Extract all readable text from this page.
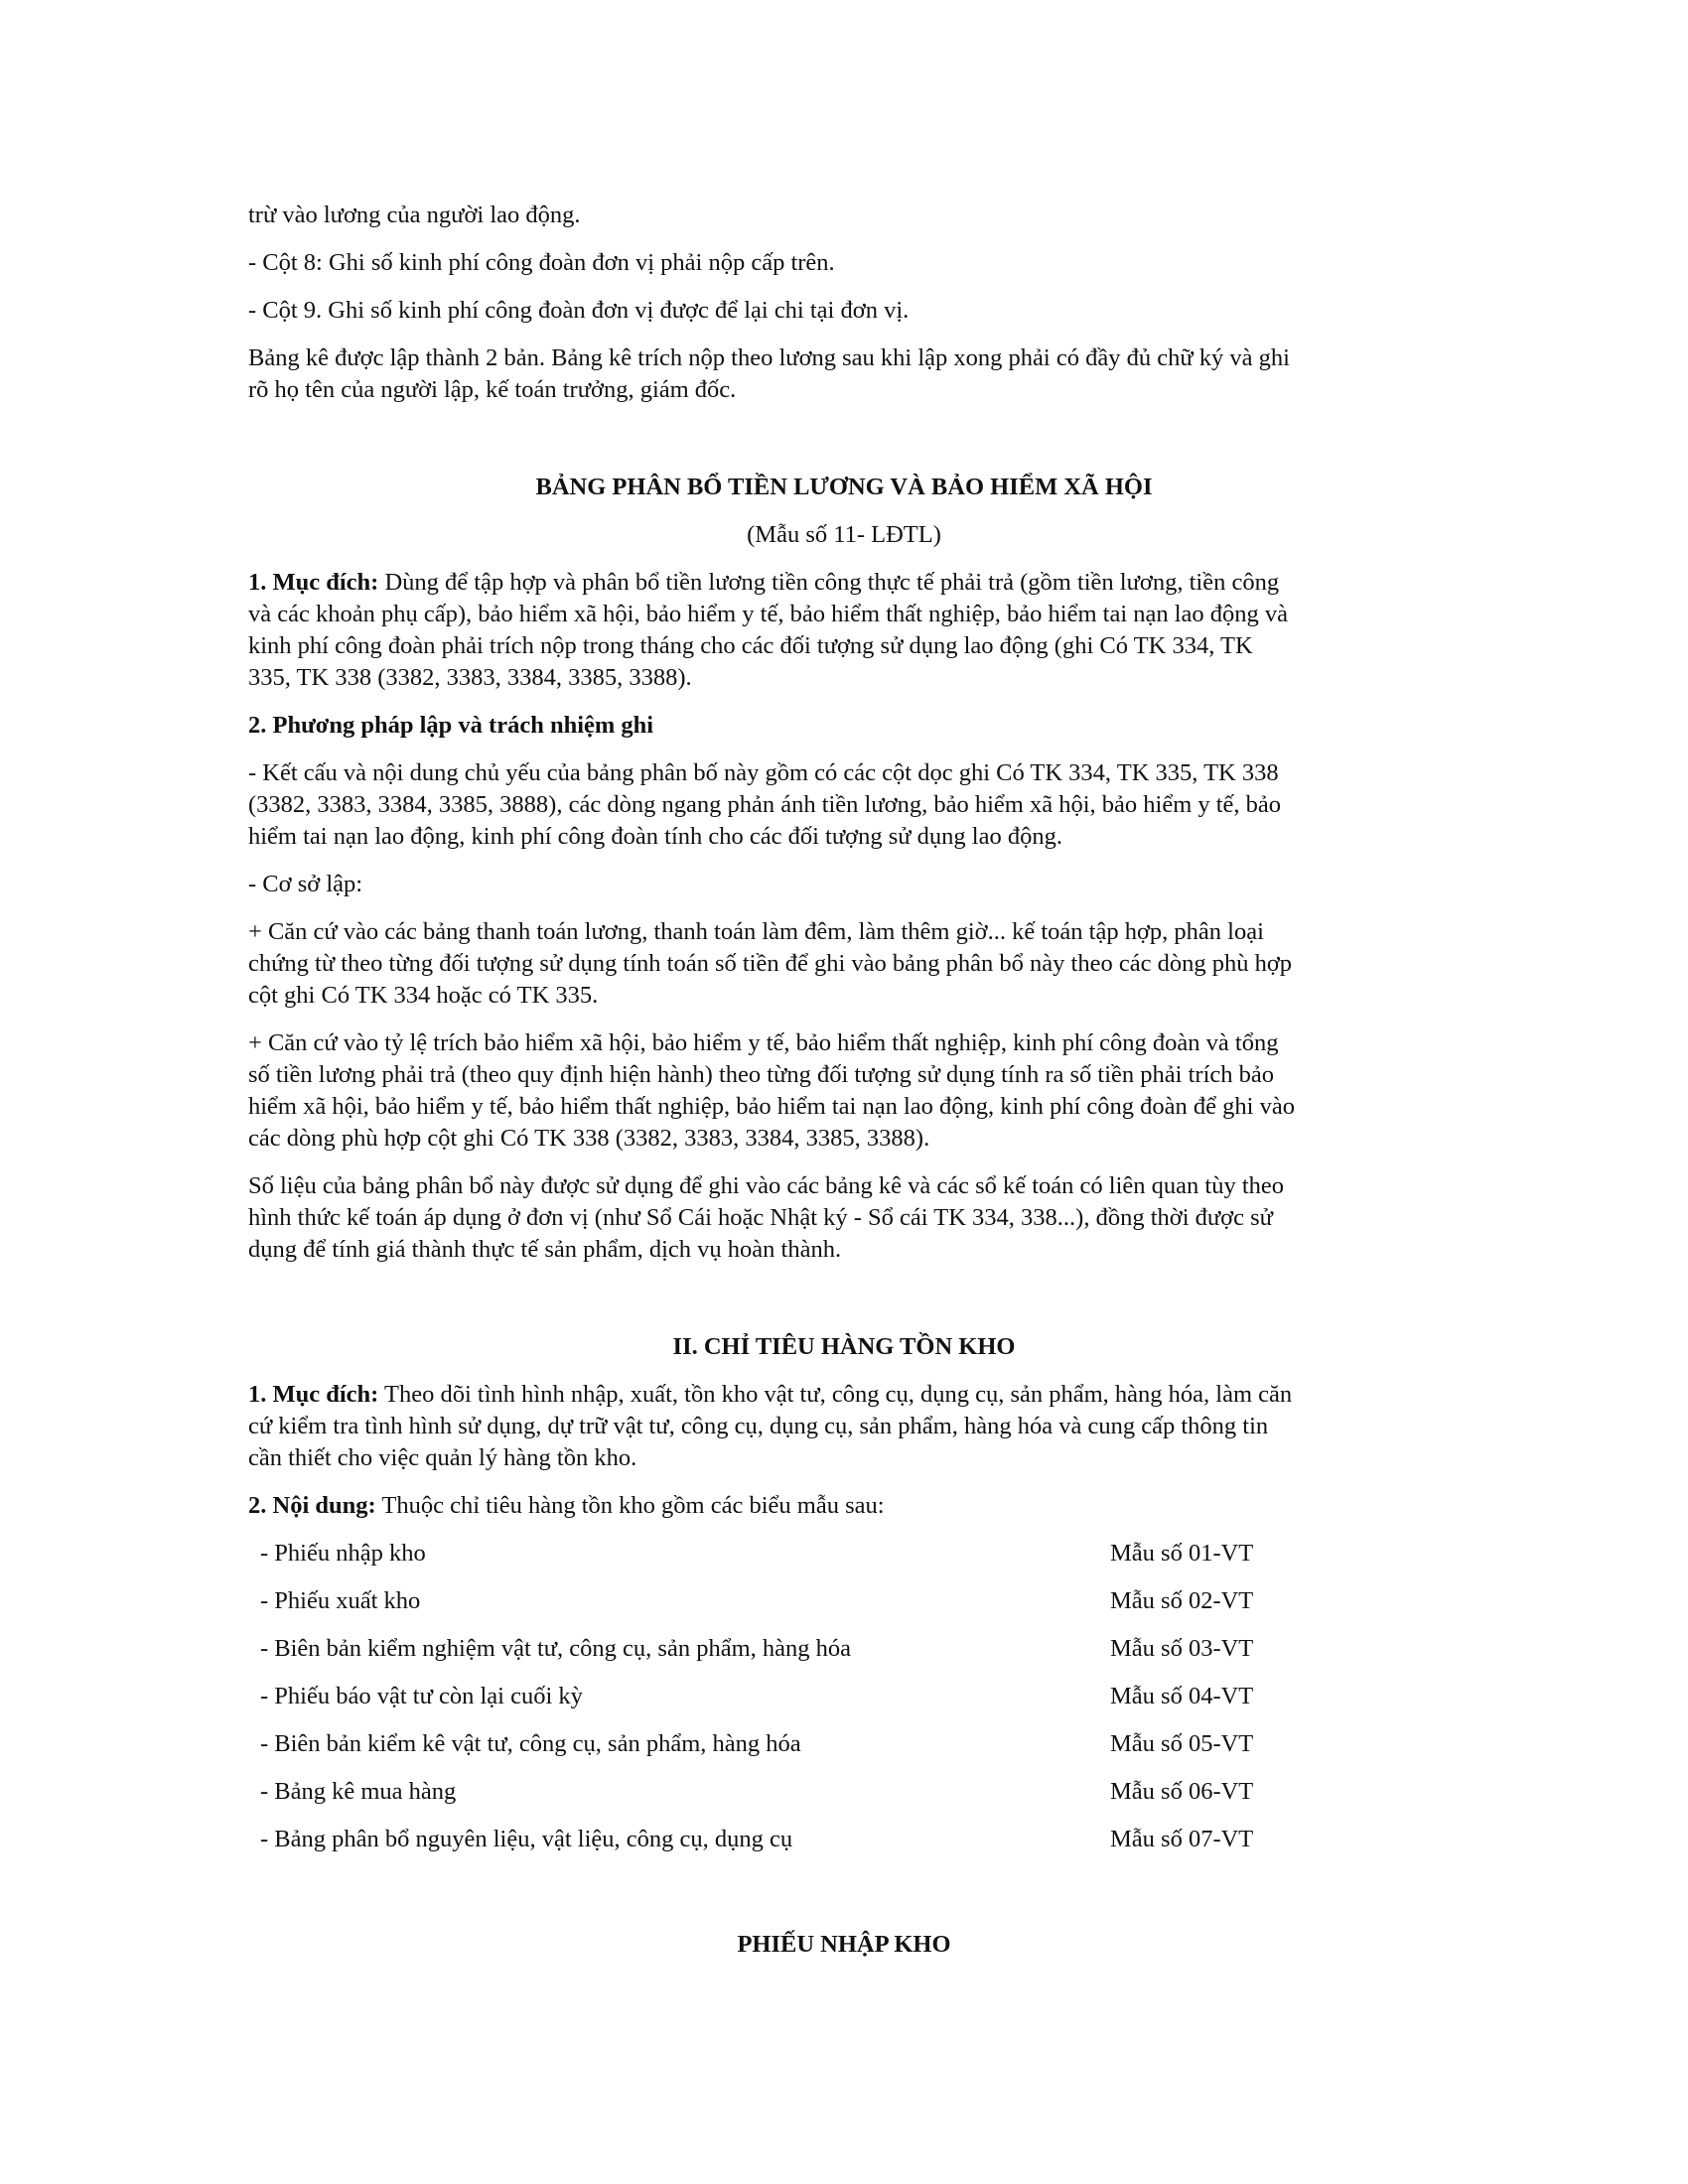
trừ vào lương của người lao động.
- Cột 8: Ghi số kinh phí công đoàn đơn vị phải nộp cấp trên.
- Cột 9. Ghi số kinh phí công đoàn đơn vị được để lại chi tại đơn vị.
Bảng kê được lập thành 2 bản. Bảng kê trích nộp theo lương sau khi lập xong phải có đầy đủ chữ ký và ghi
rõ họ tên của người lập, kế toán trưởng, giám đốc.
BẢNG PHÂN BỔ TIỀN LƯƠNG VÀ BẢO HIỂM XÃ HỘI
(Mẫu số 11- LĐTL)
1. Mục đích: Dùng để tập hợp và phân bổ tiền lương tiền công thực tế phải trả (gồm tiền lương, tiền công
và các khoản phụ cấp), bảo hiểm xã hội, bảo hiểm y tế, bảo hiểm thất nghiệp, bảo hiểm tai nạn lao động và
kinh phí công đoàn phải trích nộp trong tháng cho các đối tượng sử dụng lao động (ghi Có TK 334, TK
335, TK 338 (3382, 3383, 3384, 3385, 3388).
2. Phương pháp lập và trách nhiệm ghi
- Kết cấu và nội dung chủ yếu của bảng phân bố này gồm có các cột dọc ghi Có TK 334, TK 335, TK 338
(3382, 3383, 3384, 3385, 3888), các dòng ngang phản ánh tiền lương, bảo hiểm xã hội, bảo hiểm y tế, bảo
hiểm tai nạn lao động, kinh phí công đoàn tính cho các đối tượng sử dụng lao động.
- Cơ sở lập:
+ Căn cứ vào các bảng thanh toán lương, thanh toán làm đêm, làm thêm giờ... kế toán tập hợp, phân loại
chứng từ theo từng đối tượng sử dụng tính toán số tiền để ghi vào bảng phân bổ này theo các dòng phù hợp
cột ghi Có TK 334 hoặc có TK 335.
+ Căn cứ vào tỷ lệ trích bảo hiểm xã hội, bảo hiểm y tế, bảo hiểm thất nghiệp, kinh phí công đoàn và tổng
số tiền lương phải trả (theo quy định hiện hành) theo từng đối tượng sử dụng tính ra số tiền phải trích bảo
hiểm xã hội, bảo hiểm y tế, bảo hiểm thất nghiệp, bảo hiểm tai nạn lao động, kinh phí công đoàn để ghi vào
các dòng phù hợp cột ghi Có TK 338 (3382, 3383, 3384, 3385, 3388).
Số liệu của bảng phân bổ này được sử dụng để ghi vào các bảng kê và các sổ kế toán có liên quan tùy theo
hình thức kế toán áp dụng ở đơn vị (như Sổ Cái hoặc Nhật ký - Sổ cái TK 334, 338...), đồng thời được sử
dụng để tính giá thành thực tế sản phẩm, dịch vụ hoàn thành.
II. CHỈ TIÊU HÀNG TỒN KHO
1. Mục đích: Theo dõi tình hình nhập, xuất, tồn kho vật tư, công cụ, dụng cụ, sản phẩm, hàng hóa, làm căn
cứ kiểm tra tình hình sử dụng, dự trữ vật tư, công cụ, dụng cụ, sản phẩm, hàng hóa và cung cấp thông tin
cần thiết cho việc quản lý hàng tồn kho.
2. Nội dung: Thuộc chỉ tiêu hàng tồn kho gồm các biểu mẫu sau:
- Phiếu nhập kho	Mẫu số 01-VT
- Phiếu xuất kho	Mẫu số 02-VT
- Biên bản kiểm nghiệm vật tư, công cụ, sản phẩm, hàng hóa	Mẫu số 03-VT
- Phiếu báo vật tư còn lại cuối kỳ	Mẫu số 04-VT
- Biên bản kiểm kê vật tư, công cụ, sản phẩm, hàng hóa	Mẫu số 05-VT
- Bảng kê mua hàng	Mẫu số 06-VT
- Bảng phân bổ nguyên liệu, vật liệu, công cụ, dụng cụ	Mẫu số 07-VT
PHIẾU NHẬP KHO
